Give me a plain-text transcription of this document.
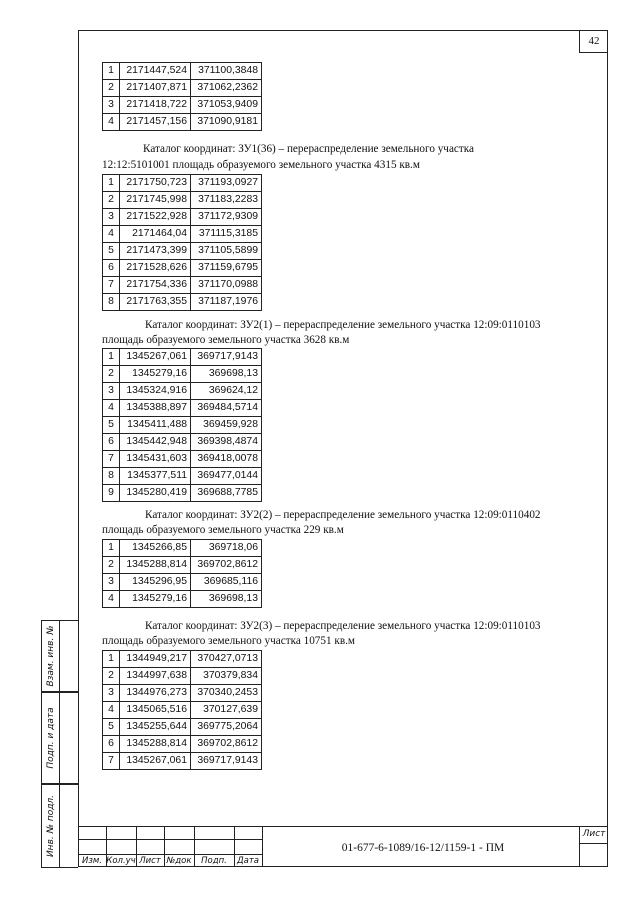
42
1	2171447,524	371100,3848
2	2171407,871	371062,2362
3	2171418,722	371053,9409
4	2171457,156	371090,9181
Каталог координат: ЗУ1(36) – перераспределение земельного участка
12:12:5101001 площадь образуемого земельного участка 4315 кв.м
1	2171750,723	371193,0927
2	2171745,998	371183,2283
3	2171522,928	371172,9309
4	2171464,04	371115,3185
5	2171473,399	371105,5899
6	2171528,626	371159,6795
7	2171754,336	371170,0988
8	2171763,355	371187,1976
Каталог координат: ЗУ2(1) – перераспределение земельного участка 12:09:0110103
площадь образуемого земельного участка 3628 кв.м
1	1345267,061	369717,9143
2	1345279,16	369698,13
3	1345324,916	369624,12
4	1345388,897	369484,5714
5	1345411,488	369459,928
6	1345442,948	369398,4874
7	1345431,603	369418,0078
8	1345377,511	369477,0144
9	1345280,419	369688,7785
Каталог координат: ЗУ2(2) – перераспределение земельного участка 12:09:0110402
площадь образуемого земельного участка 229 кв.м
1	1345266,85	369718,06
2	1345288,814	369702,8612
3	1345296,95	369685,116
4	1345279,16	369698,13
Каталог координат: ЗУ2(3) – перераспределение земельного участка 12:09:0110103
площадь образуемого земельного участка 10751 кв.м
1	1344949,217	370427,0713
2	1344997,638	370379,834
3	1344976,273	370340,2453
4	1345065,516	370127,639
5	1345255,644	369775,2064
6	1345288,814	369702,8612
7	1345267,061	369717,9143
Взам. инв. №
Подп. и дата
Инв. № подл.
Изм. Кол.уч Лист №док	Подп.	Дата
01-677-6-1089/16-12/1159-1 - ПМ
Лист
